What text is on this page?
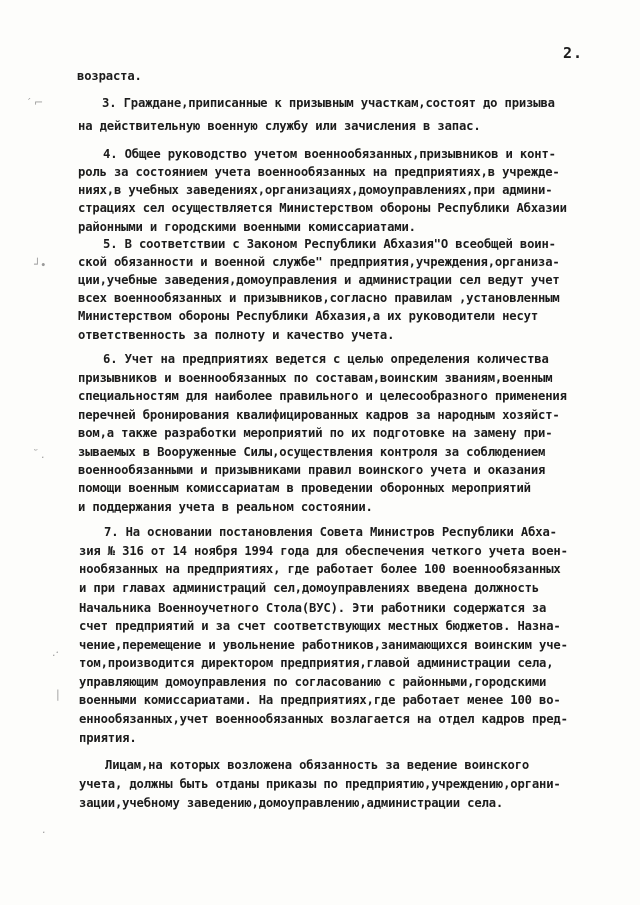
2.
возраста.
3. Граждане,приписанные к призывным участкам,состоят до призыва
на действительную военную службу или зачисления в запас.
4. Общее руководство учетом военнообязанных,призывников и конт-
роль за состоянием учета военнообязанных на предприятиях,в учрежде-
ниях,в учебных заведениях,организациях,домоуправлениях,при админи-
страциях сел осуществляется Министерством обороны Республики Абхазии
районными и городскими военными комиссариатами.
5. В соответствии с Законом Республики Абхазия"О всеобщей воин-
ской обязанности и военной службе" предприятия,учреждения,организа-
ции,учебные заведения,домоуправления и администрации сел ведут учет
всех военнообязанных и призывников,согласно правилам ,установленным
Министерством обороны Республики Абхазия,а их руководители несут
ответственность за полноту и качество учета.
6. Учет на предприятиях ведется с целью определения количества
призывников и военнообязанных по составам,воинским званиям,военным
специальностям для наиболее правильного и целесообразного применения
перечней бронирования квалифицированных кадров за народным хозяйст-
вом,а также разработки мероприятий по их подготовке на замену при-
зываемых в Вооруженные Силы,осуществления контроля за соблюдением
военнообязанными и призывниками правил воинского учета и оказания
помощи военным комиссариатам в проведении оборонных мероприятий
и поддержания учета в реальном состоянии.
7. На основании постановления Совета Министров Республики Абха-
зия № 316 от 14 ноября 1994 года для обеспечения четкого учета воен-
нообязанных на предприятиях, где работает более 100 военнообязанных
и при главах администраций сел,домоуправлениях введена должность
Начальника Военноучетного Стола(ВУС). Эти работники содержатся за
счет предприятий и за счет соответствующих местных бюджетов. Назна-
чение,перемещение и увольнение работников,занимающихся воинским уче-
том,производится директором предприятия,главой администрации села,
управляющим домоуправления по согласованию с районными,городскими
военными комиссариатами. На предприятиях,где работает менее 100 во-
еннообязанных,учет военнообязанных возлагается на отдел кадров пред-
приятия.
Лицам,на которых возложена обязанность за ведение воинского
учета, должны быть отданы приказы по предприятию,учреждению,органи-
зации,учебному заведению,домоуправлению,администрации села.
′ ⌐
┘∙
˘ .
.·
|
·
